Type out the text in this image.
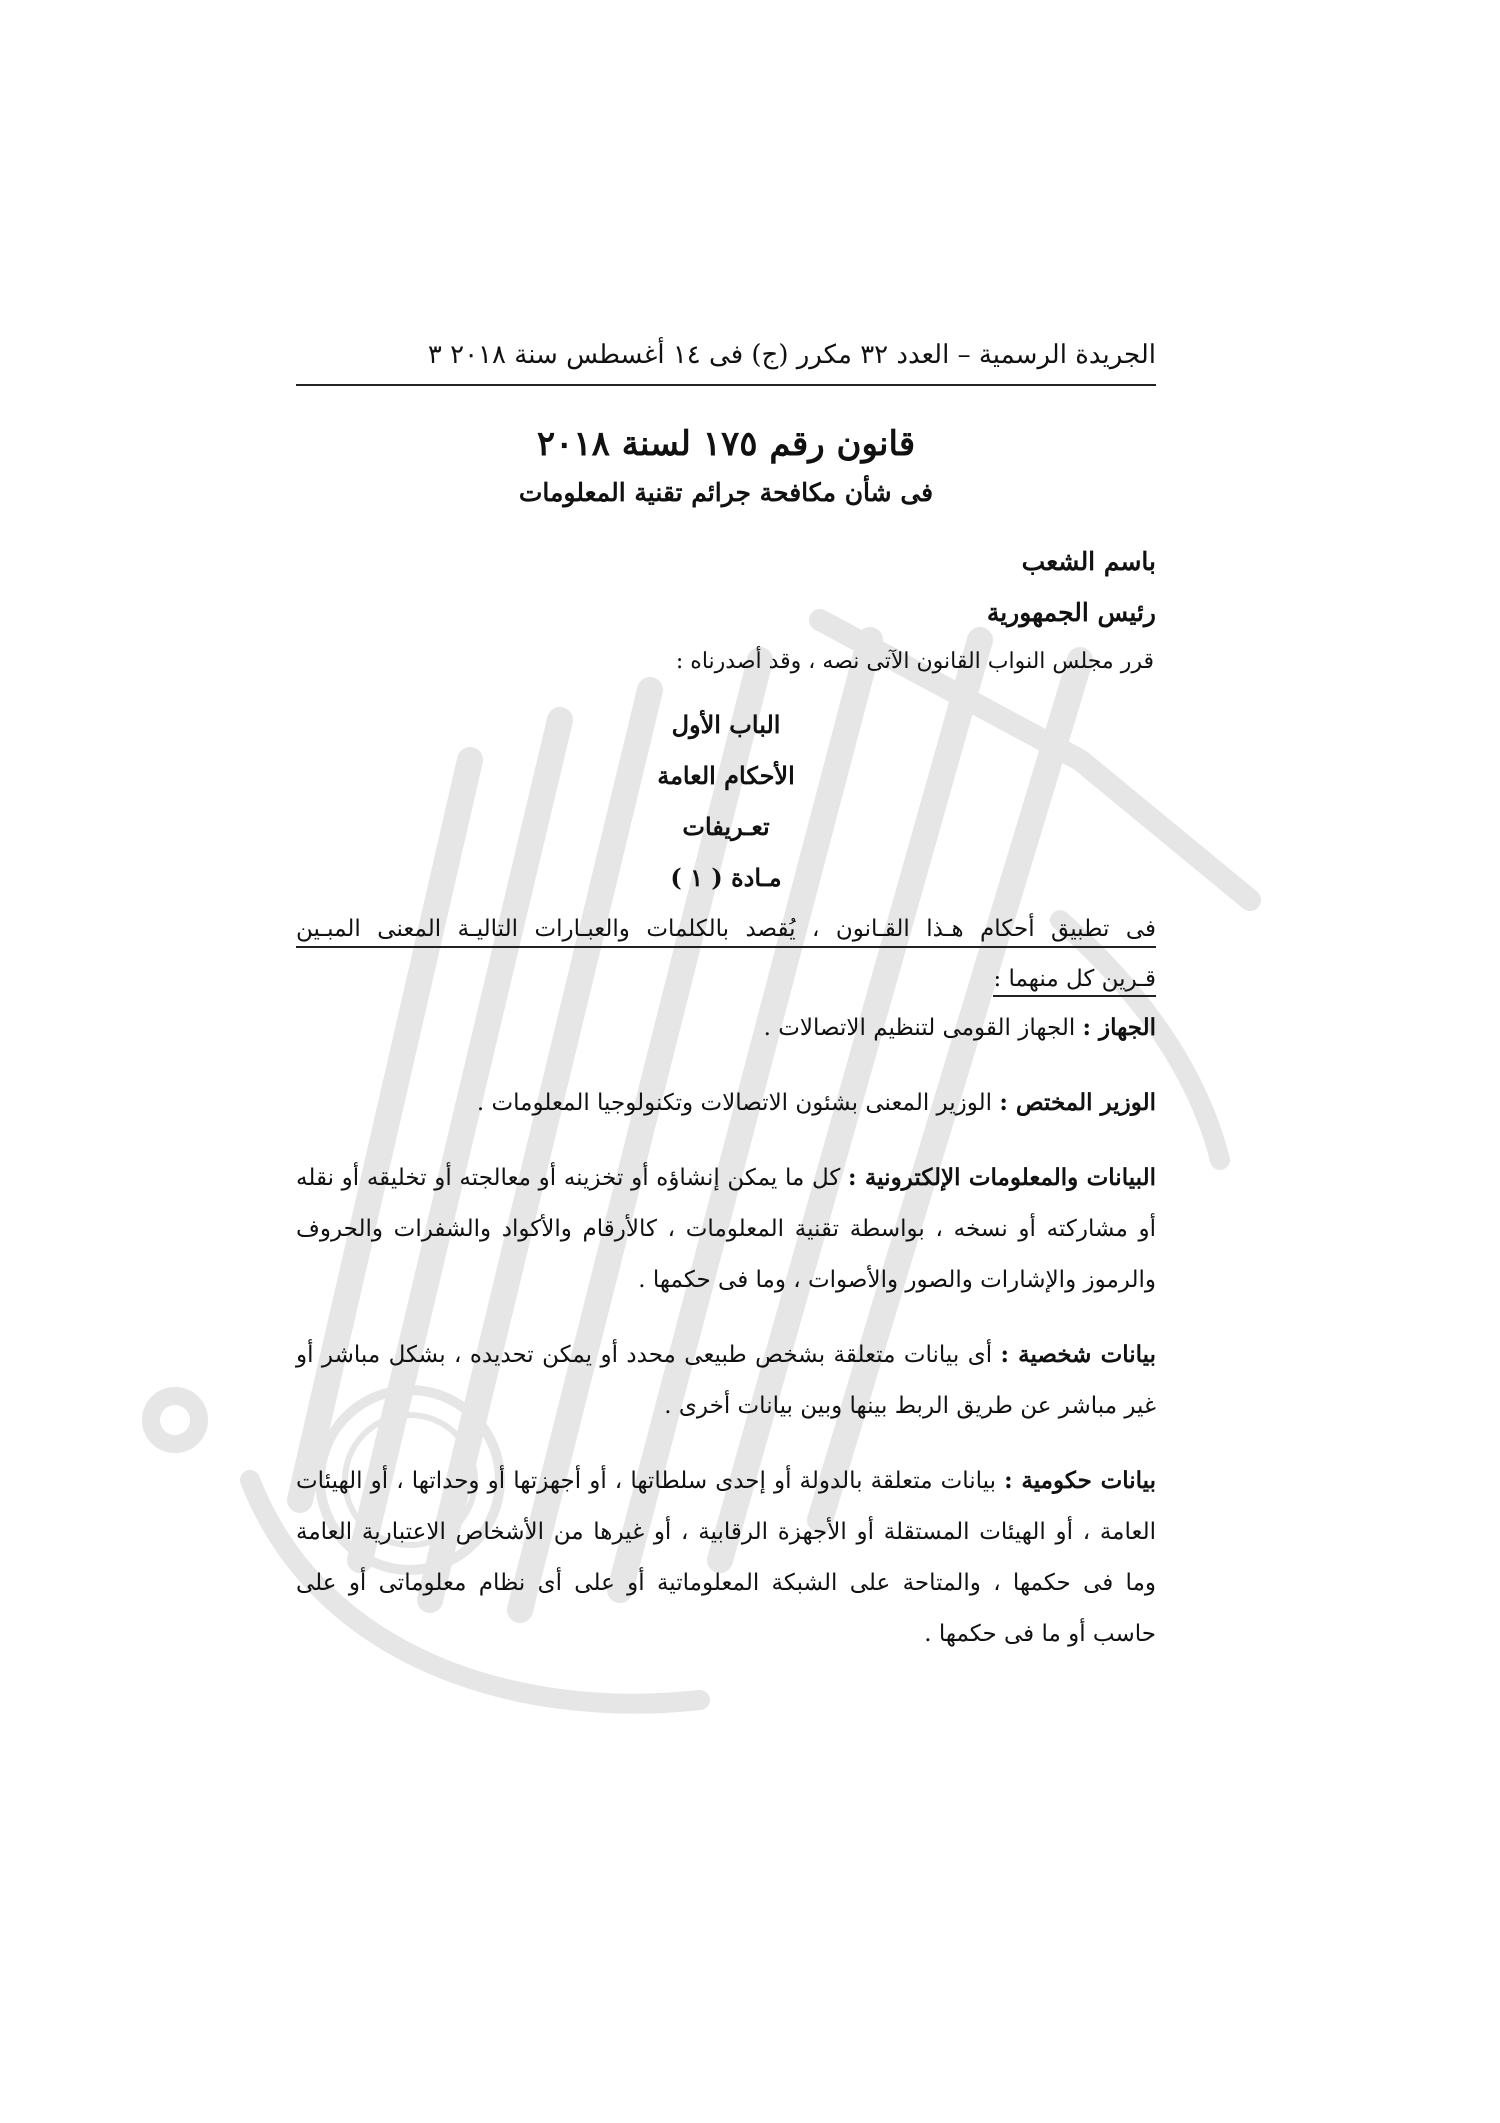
الجريدة الرسمية – العدد ٣٢ مكرر (ج) فى ١٤ أغسطس سنة ٢٠١٨ ٣
قانون رقم ١٧٥ لسنة ٢٠١٨
فى شأن مكافحة جرائم تقنية المعلومات
باسم الشعب
رئيس الجمهورية
قرر مجلس النواب القانون الآتى نصه ، وقد أصدرناه :
الباب الأول
الأحكام العامة
تعـريفات
مـادة ( ١ )
فى تطبيق أحكام هـذا القـانون ، يُقصد بالكلمات والعبـارات التاليـة المعنى المبـين
قـرين كل منهما :

الجهاز : الجهاز القومى لتنظيم الاتصالات .

الوزير المختص : الوزير المعنى بشئون الاتصالات وتكنولوجيا المعلومات .

البيانات والمعلومات الإلكترونية : كل ما يمكن إنشاؤه أو تخزينه أو معالجته أو تخليقه أو نقله أو مشاركته أو نسخه ، بواسطة تقنية المعلومات ، كالأرقام والأكواد والشفرات والحروف والرموز والإشارات والصور والأصوات ، وما فى حكمها .

بيانات شخصية : أى بيانات متعلقة بشخص طبيعى محدد أو يمكن تحديده ، بشكل مباشر أو غير مباشر عن طريق الربط بينها وبين بيانات أخرى .

بيانات حكومية : بيانات متعلقة بالدولة أو إحدى سلطاتها ، أو أجهزتها أو وحداتها ، أو الهيئات العامة ، أو الهيئات المستقلة أو الأجهزة الرقابية ، أو غيرها من الأشخاص الاعتبارية العامة وما فى حكمها ، والمتاحة على الشبكة المعلوماتية أو على أى نظام معلوماتى أو على حاسب أو ما فى حكمها .
